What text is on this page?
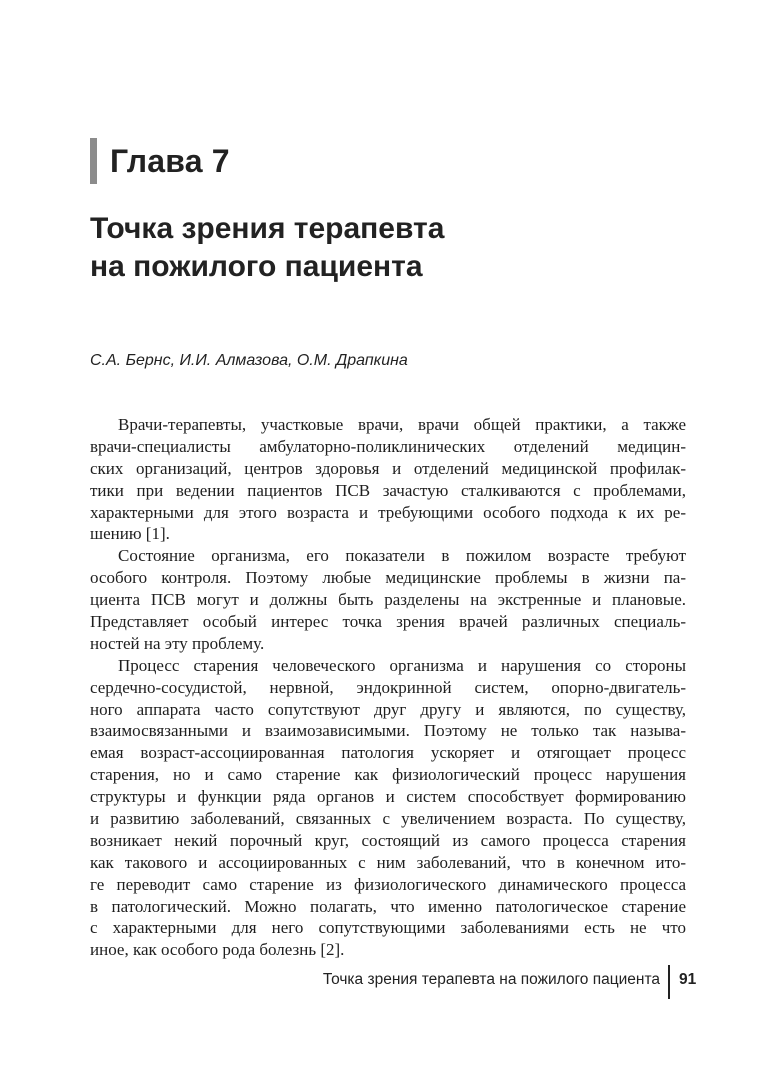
Глава 7
Точка зрения терапевта
на пожилого пациента
С.А. Бернс, И.И. Алмазова, О.М. Драпкина
Врачи-терапевты, участковые врачи, врачи общей практики, а также
врачи-специалисты амбулаторно-поликлинических отделений медицин-
ских организаций, центров здоровья и отделений медицинской профилак-
тики при ведении пациентов ПСВ зачастую сталкиваются с проблемами,
характерными для этого возраста и требующими особого подхода к их ре-
шению [1].
Состояние организма, его показатели в пожилом возрасте требуют
особого контроля. Поэтому любые медицинские проблемы в жизни па-
циента ПСВ могут и должны быть разделены на экстренные и плановые.
Представляет особый интерес точка зрения врачей различных специаль-
ностей на эту проблему.
Процесс старения человеческого организма и нарушения со стороны
сердечно-сосудистой, нервной, эндокринной систем, опорно-двигатель-
ного аппарата часто сопутствуют друг другу и являются, по существу,
взаимосвязанными и взаимозависимыми. Поэтому не только так называ-
емая возраст-ассоциированная патология ускоряет и отягощает процесс
старения, но и само старение как физиологический процесс нарушения
структуры и функции ряда органов и систем способствует формированию
и развитию заболеваний, связанных с увеличением возраста. По существу,
возникает некий порочный круг, состоящий из самого процесса старения
как такового и ассоциированных с ним заболеваний, что в конечном ито-
ге переводит само старение из физиологического динамического процесса
в патологический. Можно полагать, что именно патологическое старение
с характерными для него сопутствующими заболеваниями есть не что
иное, как особого рода болезнь [2].
Точка зрения терапевта на пожилого пациента 91
